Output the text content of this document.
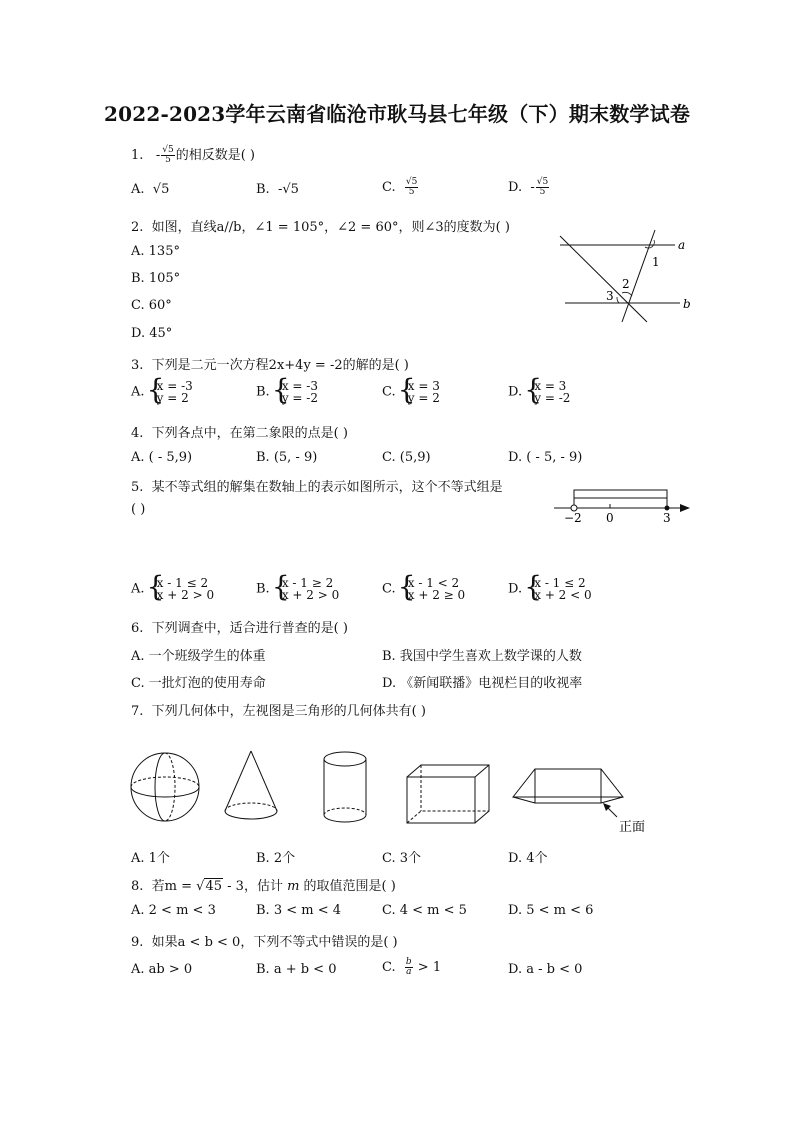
2022-2023学年云南省临沧市耿马县七年级（下）期末数学试卷
1. - $\frac{√5}{5}$ 的相反数是( )
A. √5	B. -√5	C. $\frac{√5}{5}$	D. - $\frac{√5}{5}$
2. 如图，直线a//b，∠1 = 105°，∠2 = 60°，则∠3的度数为( )
A. 135°
B. 105°
C. 60°
D. 45°
a
b
1
2
3
3. 下列是二元一次方程2x+4y = -2的解的是( )
A. { x = -3
y = 2	B. { x = -3
y = -2	C. { x = 3
y = 2	D. { x = 3
y = -2
4. 下列各点中，在第二象限的点是( )
A. ( - 5,9)	B. (5, - 9)	C. (5,9)	D. ( - 5, - 9)
5. 某不等式组的解集在数轴上的表示如图所示，这个不等式组是
( )
−2 0	3
A. { x - 1 ≤ 2
x + 2 > 0	B. { x - 1 ≥ 2
x + 2 > 0	C. { x - 1 < 2
x + 2 ≥ 0	D. { x - 1 ≤ 2
x + 2 < 0
6. 下列调查中，适合进行普查的是( )
A. 一个班级学生的体重	B. 我国中学生喜欢上数学课的人数
C. 一批灯泡的使用寿命	D. 《新闻联播》电视栏目的收视率
7. 下列几何体中，左视图是三角形的几何体共有( )
正面
A. 1个	B. 2个	C. 3个	D. 4个
8. 若m = √45 - 3，估计 m 的取值范围是( )
A. 2 < m < 3	B. 3 < m < 4	C. 4 < m < 5	D. 5 < m < 6
9. 如果a < b < 0，下列不等式中错误的是( )
A. ab > 0	B. a + b < 0	C. $\frac{b}{a} > 1$	D. a - b < 0
